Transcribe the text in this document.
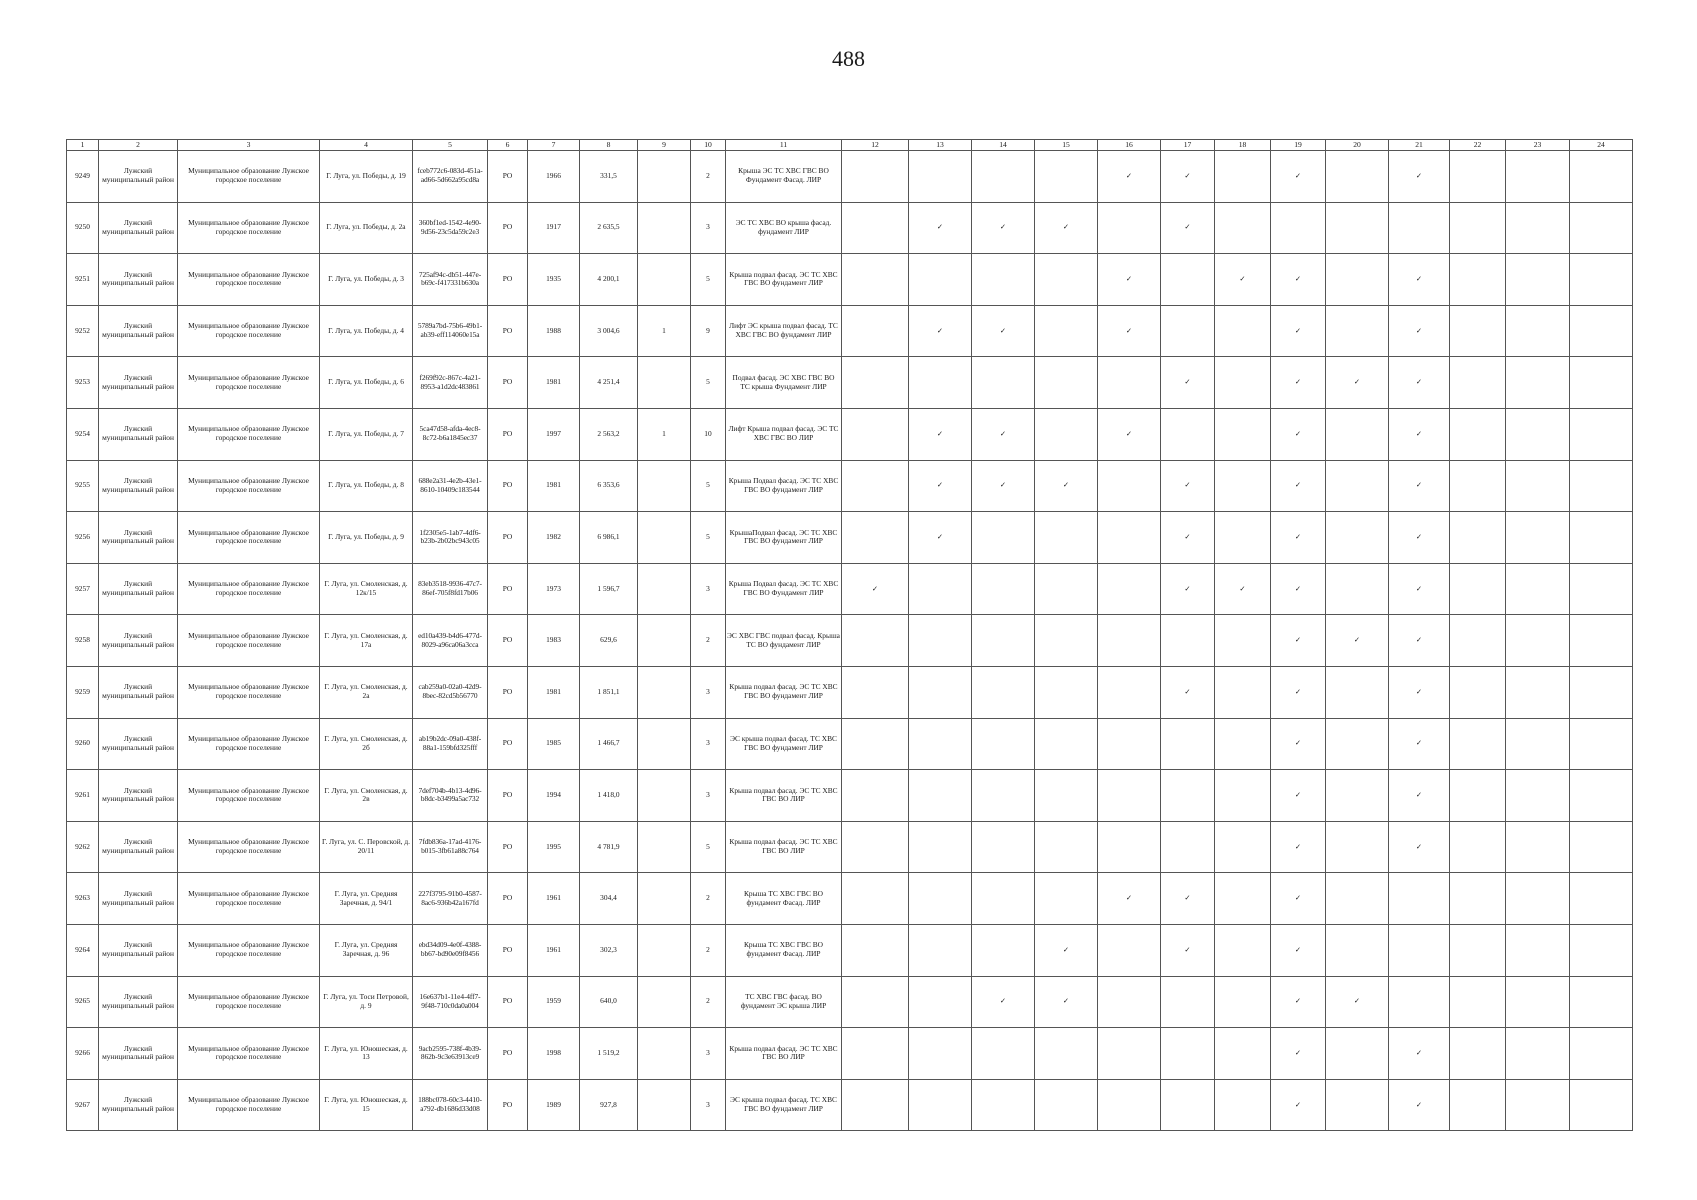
488
1	2	3	4	5	6	7	8	9	10	11	12	13	14	15	16	17	18	19	20	21	22	23	24
9249	Лужский муниципальный район	Муниципальное образование Лужское городское поселение	Г. Луга, ул. Победы, д. 19	fceb772c6-083d-451a-ad66-5d662a95cd8a	PO	1966	331,5		2	Крыша ЭС ТС ХВС ГВС ВО Фундамент Фасад. ЛИР					✓	✓		✓		✓			
9250	Лужский муниципальный район	Муниципальное образование Лужское городское поселение	Г. Луга, ул. Победы, д. 2а	360bf1ed-1542-4e90-9d56-23c5da59c2e3	PO	1917	2 635,5		3	ЭС ТС ХВС ВО крыша фасад. фундамент ЛИР		✓	✓	✓		✓							
9251	Лужский муниципальный район	Муниципальное образование Лужское городское поселение	Г. Луга, ул. Победы, д. 3	725af94c-db51-447e-b69c-f417331b630a	PO	1935	4 200,1		5	Крыша подвал фасад. ЭС ТС ХВС ГВС ВО фундамент ЛИР					✓		✓	✓		✓			
9252	Лужский муниципальный район	Муниципальное образование Лужское городское поселение	Г. Луга, ул. Победы, д. 4	5789a7bd-75b6-49b1-ab39-eff114060e15a	PO	1988	3 004,6	1	9	Лифт ЭС крыша подвал фасад. ТС ХВС ГВС ВО фундамент ЛИР		✓	✓		✓			✓		✓			
9253	Лужский муниципальный район	Муниципальное образование Лужское городское поселение	Г. Луга, ул. Победы, д. 6	f269f92c-867c-4a21-8953-a1d2dc483861	PO	1981	4 251,4		5	Подвал фасад. ЭС ХВС ГВС ВО ТС крыша Фундамент ЛИР						✓		✓	✓	✓			
9254	Лужский муниципальный район	Муниципальное образование Лужское городское поселение	Г. Луга, ул. Победы, д. 7	5ca47d58-afda-4ec8-8c72-b6a1845ec37	PO	1997	2 563,2	1	10	Лифт Крыша подвал фасад. ЭС ТС ХВС ГВС ВО ЛИР		✓	✓		✓			✓		✓			
9255	Лужский муниципальный район	Муниципальное образование Лужское городское поселение	Г. Луга, ул. Победы, д. 8	688e2a31-4e2b-43e1-8610-10409c183544	PO	1981	6 353,6		5	Крыша Подвал фасад. ЭС ТС ХВС ГВС ВО фундамент ЛИР		✓	✓	✓		✓		✓		✓			
9256	Лужский муниципальный район	Муниципальное образование Лужское городское поселение	Г. Луга, ул. Победы, д. 9	1f2305e5-1ab7-4df6-b23b-2b02bc943c05	PO	1982	6 986,1		5	КрышаПодвал фасад. ЭС ТС ХВС ГВС ВО фундамент ЛИР		✓				✓		✓		✓			
9257	Лужский муниципальный район	Муниципальное образование Лужское городское поселение	Г. Луга, ул. Смоленская, д. 12к/15	83eb3518-9936-47c7-86ef-705f8fd17b06	PO	1973	1 596,7		3	Крыша Подвал фасад. ЭС ТС ХВС ГВС ВО Фундамент ЛИР	✓					✓	✓	✓		✓			
9258	Лужский муниципальный район	Муниципальное образование Лужское городское поселение	Г. Луга, ул. Смоленская, д. 17а	ed10a439-b4d6-477d-8029-a96ca06a3cca	PO	1983	629,6		2	ЭС ХВС ГВС подвал фасад. Крыша ТС ВО фундамент ЛИР								✓	✓	✓			
9259	Лужский муниципальный район	Муниципальное образование Лужское городское поселение	Г. Луга, ул. Смоленская, д. 2а	cab259a0-02a0-42d9-8bec-82cd5b56770	PO	1981	1 851,1		3	Крыша подвал фасад. ЭС ТС ХВС ГВС ВО фундамент ЛИР						✓		✓		✓			
9260	Лужский муниципальный район	Муниципальное образование Лужское городское поселение	Г. Луга, ул. Смоленская, д. 2б	ab19b2dc-09a0-438f-88a1-159bfd325fff	PO	1985	1 466,7		3	ЭС крыша подвал фасад. ТС ХВС ГВС ВО фундамент ЛИР								✓		✓			
9261	Лужский муниципальный район	Муниципальное образование Лужское городское поселение	Г. Луга, ул. Смоленская, д. 2в	7def704b-4b13-4d96-b8dc-b3499a5ac732	PO	1994	1 418,0		3	Крыша подвал фасад. ЭС ТС ХВС ГВС ВО ЛИР								✓		✓			
9262	Лужский муниципальный район	Муниципальное образование Лужское городское поселение	Г. Луга, ул. С. Перовской, д. 20/11	7fdb836a-17ad-4176-b015-3fb61a88c764	PO	1995	4 781,9		5	Крыша подвал фасад. ЭС ТС ХВС ГВС ВО ЛИР								✓		✓			
9263	Лужский муниципальный район	Муниципальное образование Лужское городское поселение	Г. Луга, ул. Средняя Заречная, д. 94/1	227f3795-91b0-4587-8ac6-936b42a167fd	PO	1961	304,4		2	Крыша ТС ХВС ГВС ВО фундамент Фасад. ЛИР					✓	✓		✓					
9264	Лужский муниципальный район	Муниципальное образование Лужское городское поселение	Г. Луга, ул. Средняя Заречная, д. 96	ebd34d09-4e0f-4388-bb67-bd90e09f8456	PO	1961	302,3		2	Крыша ТС ХВС ГВС ВО фундамент Фасад. ЛИР				✓		✓		✓					
9265	Лужский муниципальный район	Муниципальное образование Лужское городское поселение	Г. Луга, ул. Тоси Петровой, д. 9	16e637b1-11e4-4ff7-9f48-710c0da0a004	PO	1959	640,0		2	ТС ХВС ГВС фасад. ВО фундамент ЭС крыша ЛИР			✓	✓				✓	✓				
9266	Лужский муниципальный район	Муниципальное образование Лужское городское поселение	Г. Луга, ул. Юношеская, д. 13	9acb2595-738f-4b39-862b-9c3e63913ce9	PO	1998	1 519,2		3	Крыша подвал фасад. ЭС ТС ХВС ГВС ВО ЛИР								✓		✓			
9267	Лужский муниципальный район	Муниципальное образование Лужское городское поселение	Г. Луга, ул. Юношеская, д. 15	188bc078-60c3-4410-a792-db1686d33d08	PO	1989	927,8		3	ЭС крыша подвал фасад. ТС ХВС ГВС ВО фундамент ЛИР								✓		✓			
